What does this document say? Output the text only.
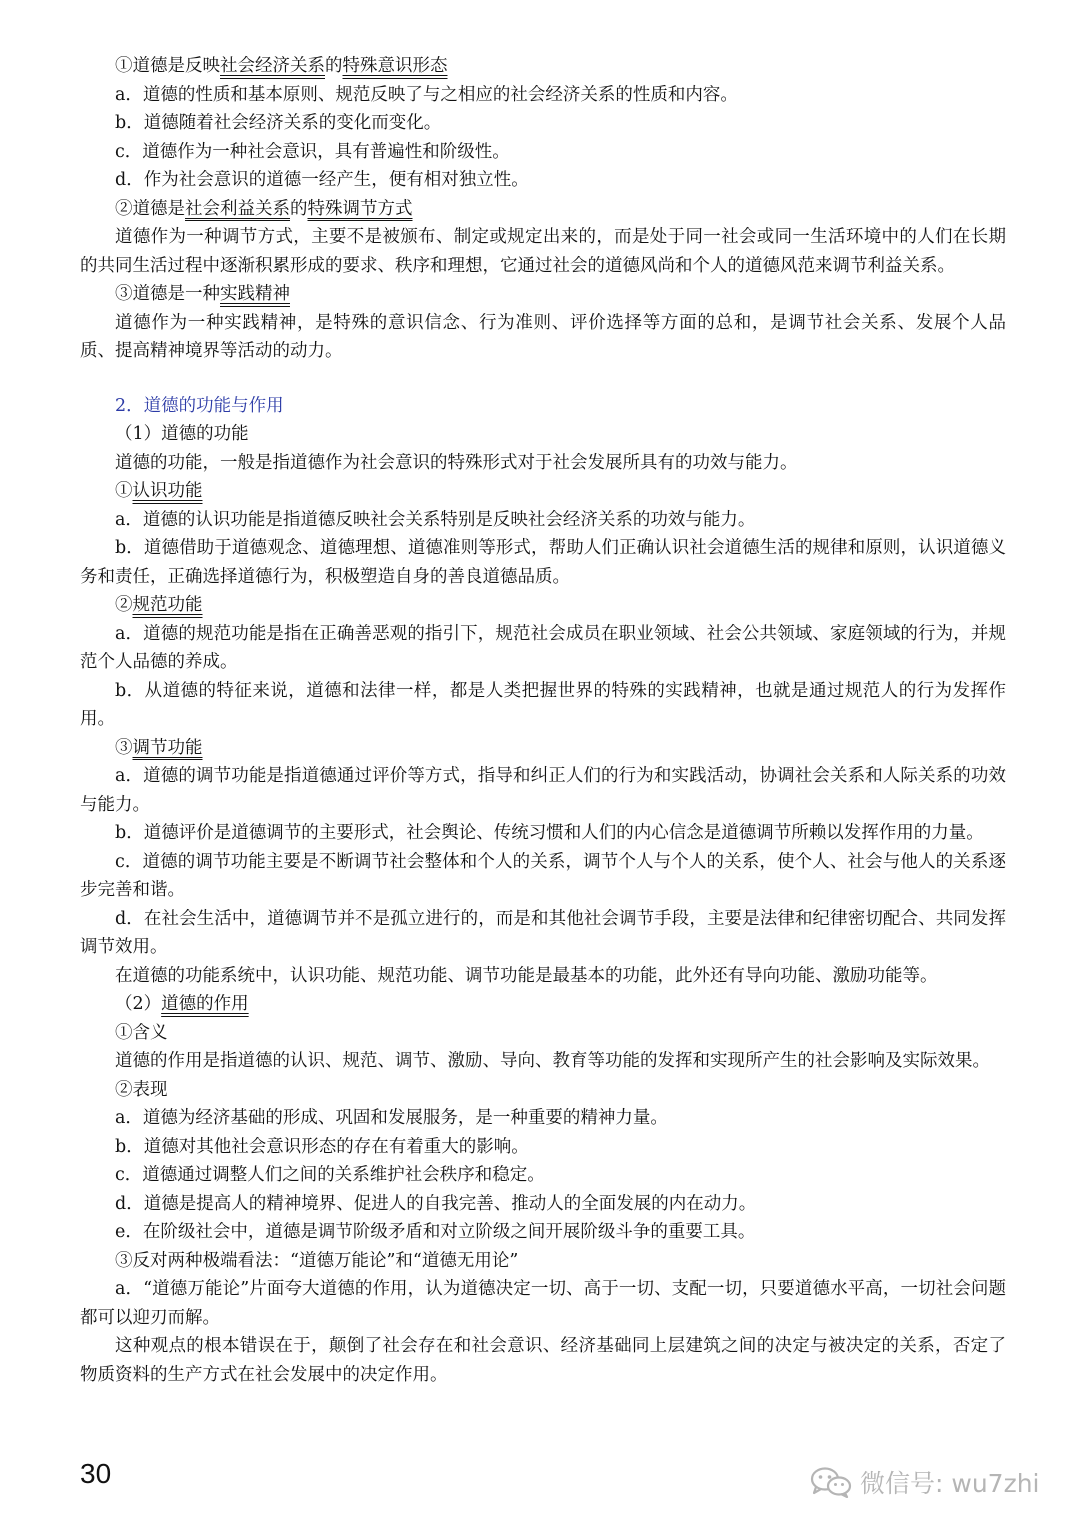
①道德是反映社会经济关系的特殊意识形态

a．道德的性质和基本原则、规范反映了与之相应的社会经济关系的性质和内容。

b．道德随着社会经济关系的变化而变化。

c．道德作为一种社会意识，具有普遍性和阶级性。

d．作为社会意识的道德一经产生，便有相对独立性。

②道德是社会利益关系的特殊调节方式

道德作为一种调节方式，主要不是被颁布、制定或规定出来的，而是处于同一社会或同一生活环境中的人们在长期的共同生活过程中逐渐积累形成的要求、秩序和理想，它通过社会的道德风尚和个人的道德风范来调节利益关系。

③道德是一种实践精神

道德作为一种实践精神，是特殊的意识信念、行为准则、评价选择等方面的总和，是调节社会关系、发展个人品质、提高精神境界等活动的动力。

2．道德的功能与作用

（1）道德的功能

道德的功能，一般是指道德作为社会意识的特殊形式对于社会发展所具有的功效与能力。

①认识功能

a．道德的认识功能是指道德反映社会关系特别是反映社会经济关系的功效与能力。

b．道德借助于道德观念、道德理想、道德准则等形式，帮助人们正确认识社会道德生活的规律和原则，认识道德义务和责任，正确选择道德行为，积极塑造自身的善良道德品质。

②规范功能

a．道德的规范功能是指在正确善恶观的指引下，规范社会成员在职业领域、社会公共领域、家庭领域的行为，并规范个人品德的养成。

b．从道德的特征来说，道德和法律一样，都是人类把握世界的特殊的实践精神，也就是通过规范人的行为发挥作用。

③调节功能

a．道德的调节功能是指道德通过评价等方式，指导和纠正人们的行为和实践活动，协调社会关系和人际关系的功效与能力。

b．道德评价是道德调节的主要形式，社会舆论、传统习惯和人们的内心信念是道德调节所赖以发挥作用的力量。

c．道德的调节功能主要是不断调节社会整体和个人的关系，调节个人与个人的关系，使个人、社会与他人的关系逐步完善和谐。

d．在社会生活中，道德调节并不是孤立进行的，而是和其他社会调节手段，主要是法律和纪律密切配合、共同发挥调节效用。

在道德的功能系统中，认识功能、规范功能、调节功能是最基本的功能，此外还有导向功能、激励功能等。

（2）道德的作用

①含义

道德的作用是指道德的认识、规范、调节、激励、导向、教育等功能的发挥和实现所产生的社会影响及实际效果。

②表现

a．道德为经济基础的形成、巩固和发展服务，是一种重要的精神力量。

b．道德对其他社会意识形态的存在有着重大的影响。

c．道德通过调整人们之间的关系维护社会秩序和稳定。

d．道德是提高人的精神境界、促进人的自我完善、推动人的全面发展的内在动力。

e．在阶级社会中，道德是调节阶级矛盾和对立阶级之间开展阶级斗争的重要工具。

③反对两种极端看法：“道德万能论”和“道德无用论”

a．“道德万能论”片面夸大道德的作用，认为道德决定一切、高于一切、支配一切，只要道德水平高，一切社会问题都可以迎刃而解。

这种观点的根本错误在于，颠倒了社会存在和社会意识、经济基础同上层建筑之间的决定与被决定的关系，否定了物质资料的生产方式在社会发展中的决定作用。

30	微信号: wu7zhi
